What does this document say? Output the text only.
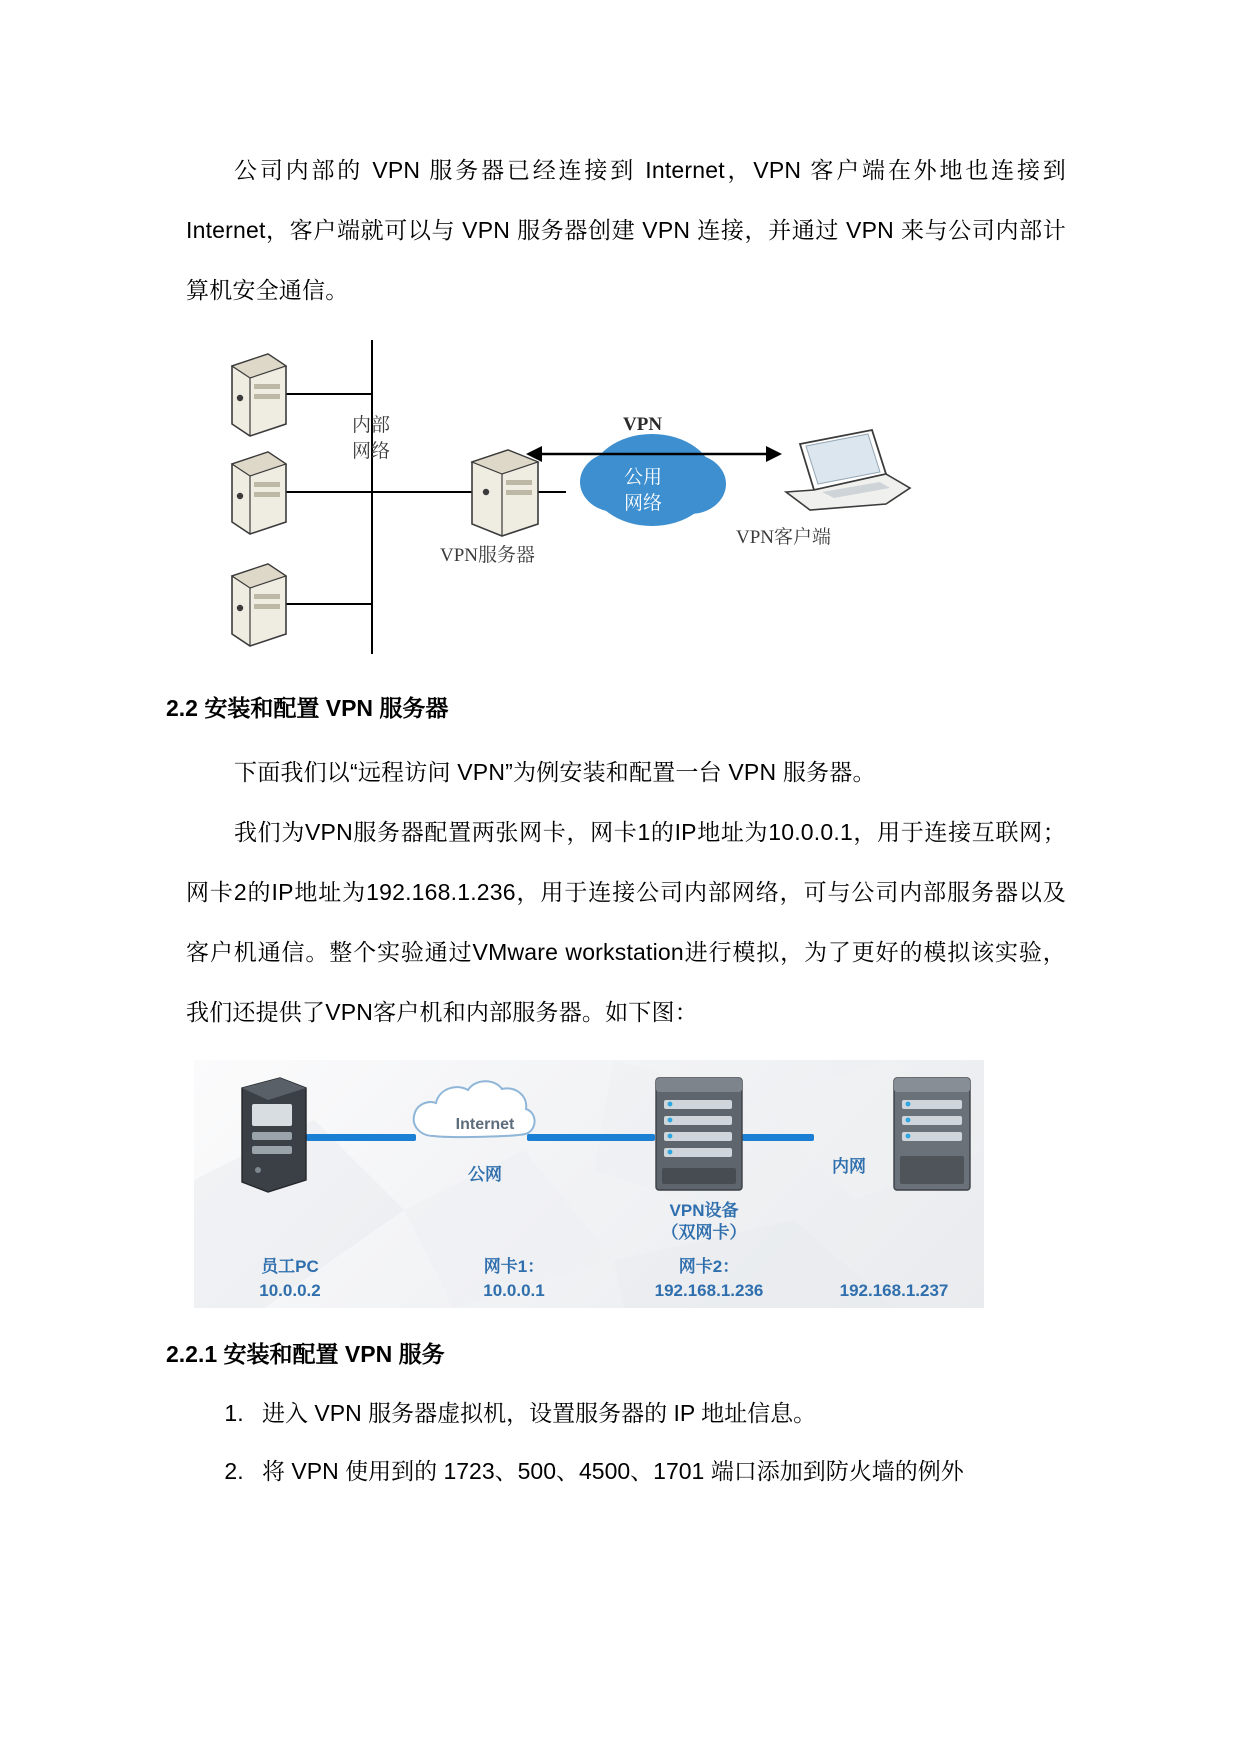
公司内部的 VPN 服务器已经连接到 Internet，VPN 客户端在外地也连接到 Internet，客户端就可以与 VPN 服务器创建 VPN 连接，并通过 VPN 来与公司内部计算机安全通信。

内部
网络
VPN服务器
VPN
公用
网络
VPN客户端
2.2 安装和配置 VPN 服务器

下面我们以“远程访问 VPN”为例安装和配置一台 VPN 服务器。

我们为VPN服务器配置两张网卡，网卡1的IP地址为10.0.0.1，用于连接互联网；网卡2的IP地址为192.168.1.236，用于连接公司内部网络，可与公司内部服务器以及客户机通信。整个实验通过VMware workstation进行模拟，为了更好的模拟该实验，我们还提供了VPN客户机和内部服务器。如下图：

Internet
公网	内网
VPN设备
（双网卡）
员工PC
10.0.0.2
网卡1：
10.0.0.1
网卡2：
192.168.1.236	192.168.1.237
2.2.1 安装和配置 VPN 服务
1. 进入 VPN 服务器虚拟机，设置服务器的 IP 地址信息。
2. 将 VPN 使用到的 1723、500、4500、1701 端口添加到防火墙的例外
